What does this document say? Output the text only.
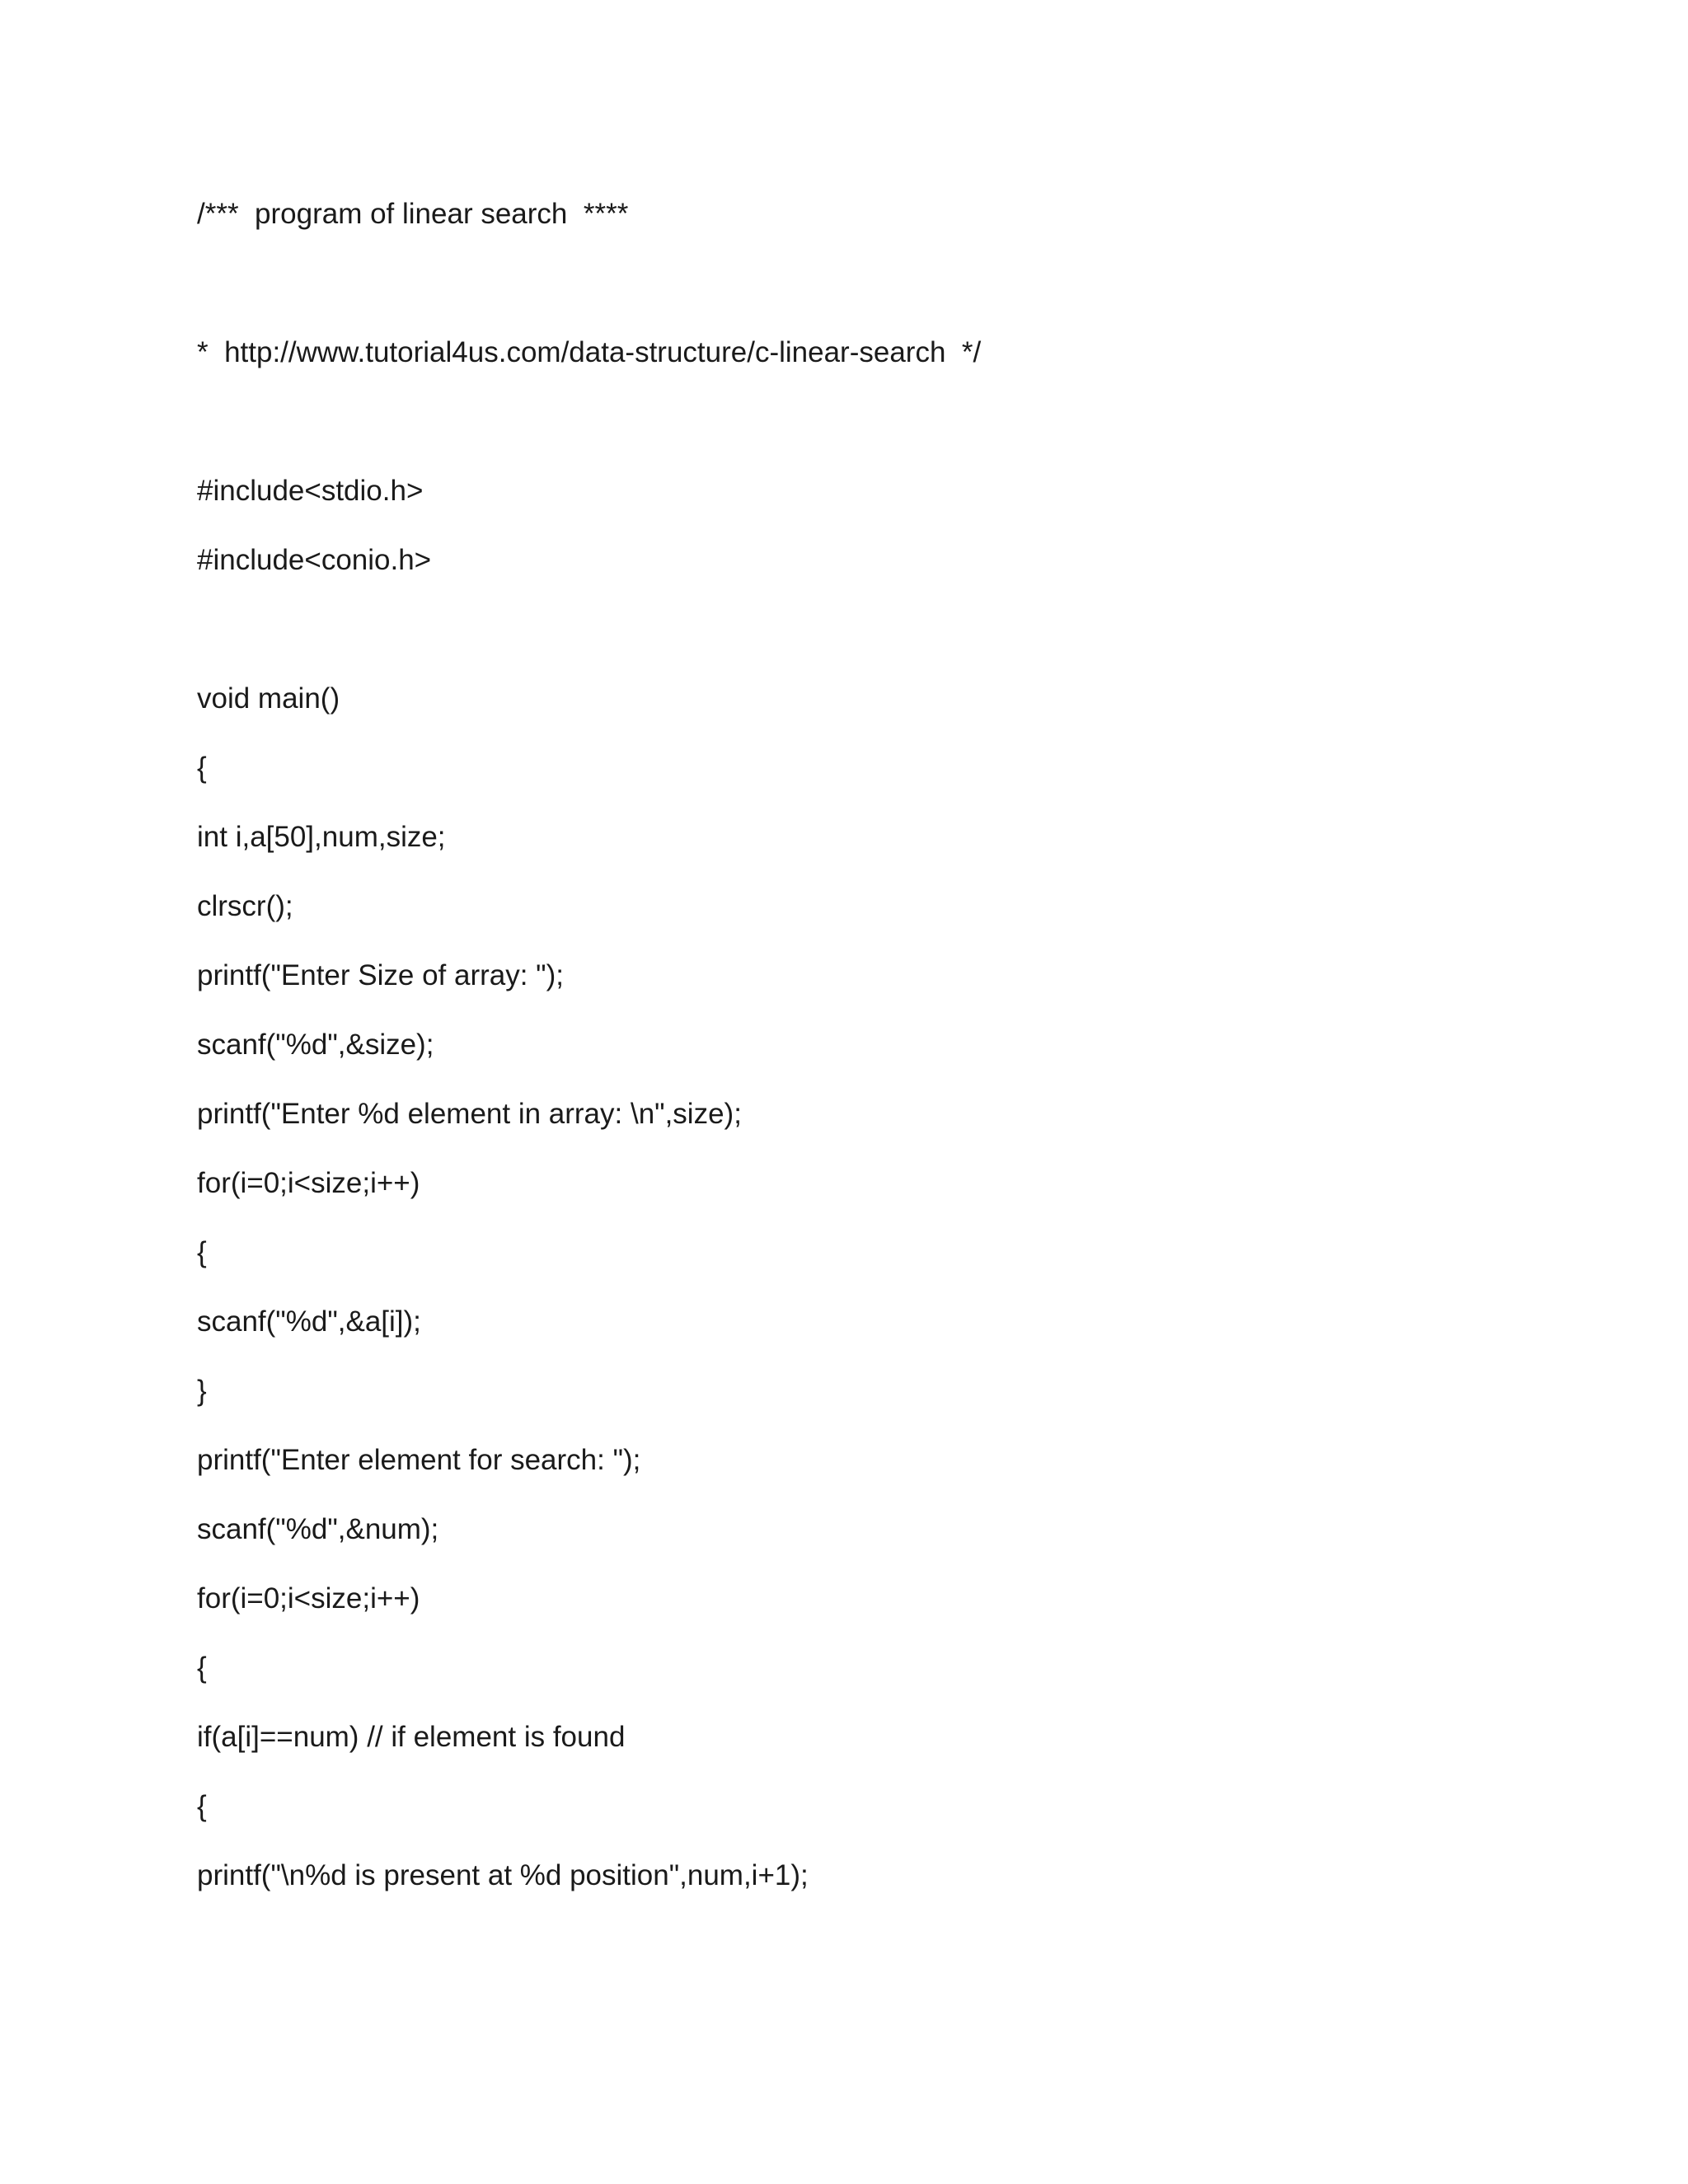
/***  program of linear search  ****
*  http://www.tutorial4us.com/data-structure/c-linear-search  */
#include<stdio.h>
#include<conio.h>
void main()
{
int i,a[50],num,size;
clrscr();
printf("Enter Size of array: ");
scanf("%d",&size);
printf("Enter %d element in array: \n",size);
for(i=0;i<size;i++)
{
scanf("%d",&a[i]);
}
printf("Enter element for search: ");
scanf("%d",&num);
for(i=0;i<size;i++)
{
if(a[i]==num) // if element is found
{
printf("\n%d is present at %d position",num,i+1);
